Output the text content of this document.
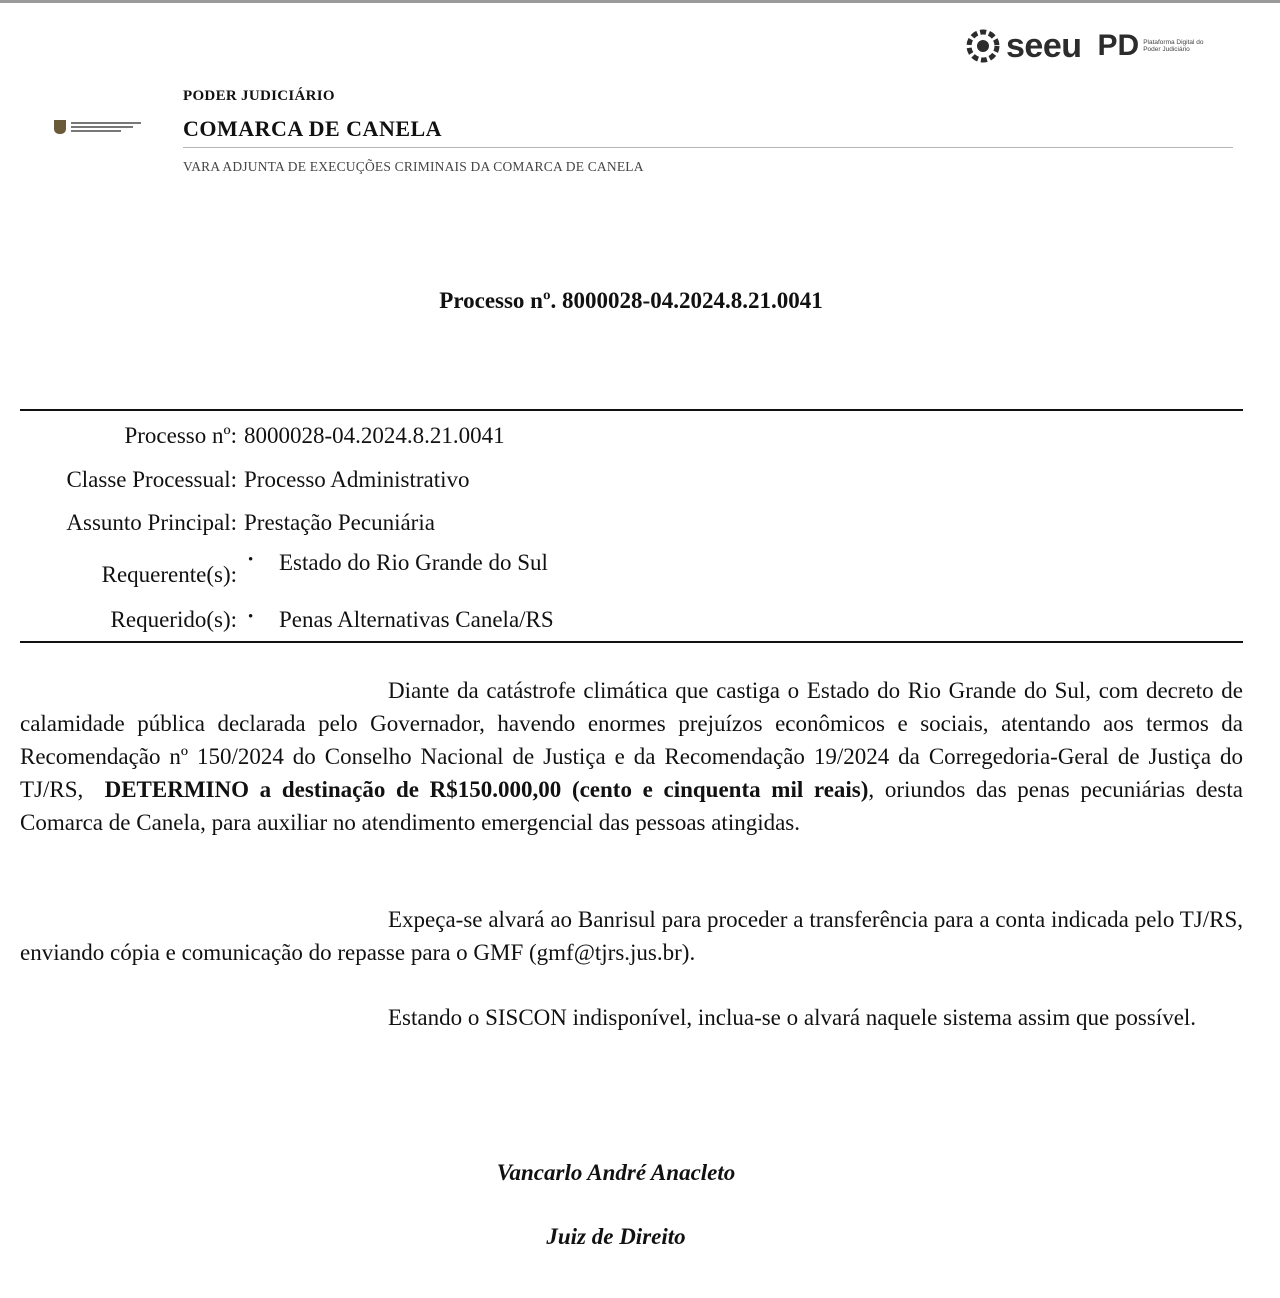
seeu PD Plataforma Digital do Poder Judiciário
PODER JUDICIÁRIO
COMARCA DE CANELA
VARA ADJUNTA DE EXECUÇÕES CRIMINAIS DA COMARCA DE CANELA
Processo nº. 8000028-04.2024.8.21.0041
Processo nº: 8000028-04.2024.8.21.0041
Classe Processual: Processo Administrativo
Assunto Principal: Prestação Pecuniária
Requerente(s):
• Estado do Rio Grande do Sul
Requerido(s): • Penas Alternativas Canela/RS
Diante da catástrofe climática que castiga o Estado do Rio Grande do Sul, com decreto de calamidade pública declarada pelo Governador, havendo enormes prejuízos econômicos e sociais, atentando aos termos da Recomendação nº 150/2024 do Conselho Nacional de Justiça e da Recomendação 19/2024 da Corregedoria-Geral de Justiça do TJ/RS, DETERMINO a destinação de R$150.000,00 (cento e cinquenta mil reais), oriundos das penas pecuniárias desta Comarca de Canela, para auxiliar no atendimento emergencial das pessoas atingidas.
Expeça-se alvará ao Banrisul para proceder a transferência para a conta indicada pelo TJ/RS, enviando cópia e comunicação do repasse para o GMF (gmf@tjrs.jus.br).
Estando o SISCON indisponível, inclua-se o alvará naquele sistema assim que possível.
Vancarlo André Anacleto
Juiz de Direito
